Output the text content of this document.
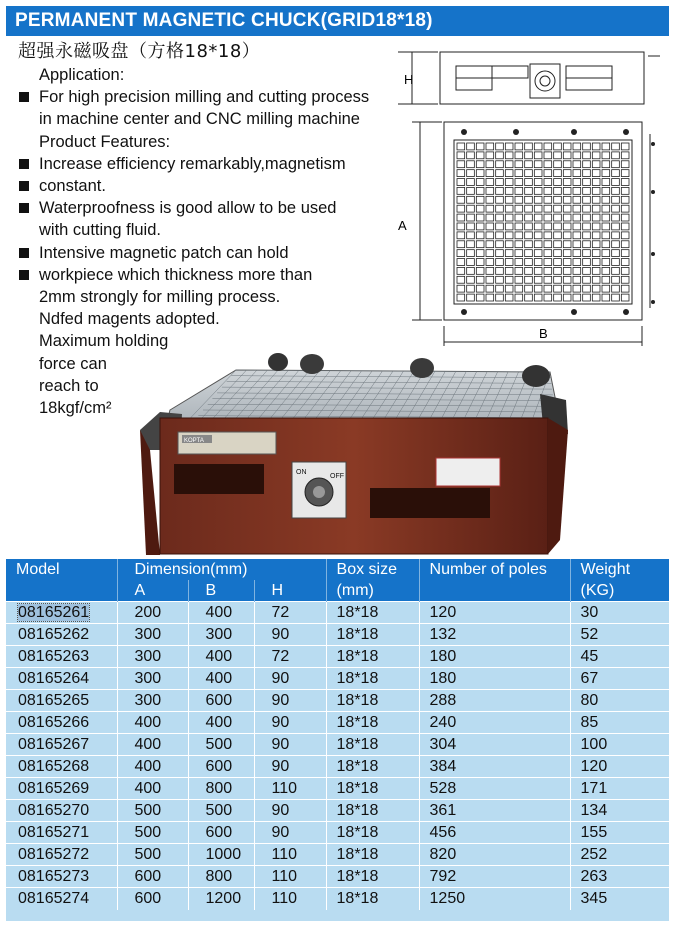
PERMANENT MAGNETIC CHUCK(GRID18*18)
超强永磁吸盘（方格18*18）
Application:
For high precision milling and cutting process
in machine center and CNC milling machine
Product Features:
Increase efficiency remarkably,magnetism
constant.
Waterproofness is good allow to be used
with cutting fluid.
Intensive magnetic patch can hold
workpiece which thickness more than
2mm strongly for milling process.
Ndfed magents adopted.
Maximum holding
force can
reach to
18kgf/cm²
H
A
B
KOPTA
ON
OFF
Model	Dimension(mm)			Box size	Number of poles	Weight
	A	B	H	(mm)		(KG)
08165261	200	400	72	18*18	120	30
08165262	300	300	90	18*18	132	52
08165263	300	400	72	18*18	180	45
08165264	300	400	90	18*18	180	67
08165265	300	600	90	18*18	288	80
08165266	400	400	90	18*18	240	85
08165267	400	500	90	18*18	304	100
08165268	400	600	90	18*18	384	120
08165269	400	800	110	18*18	528	171
08165270	500	500	90	18*18	361	134
08165271	500	600	90	18*18	456	155
08165272	500	1000	110	18*18	820	252
08165273	600	800	110	18*18	792	263
08165274	600	1200	110	18*18	1250	345
